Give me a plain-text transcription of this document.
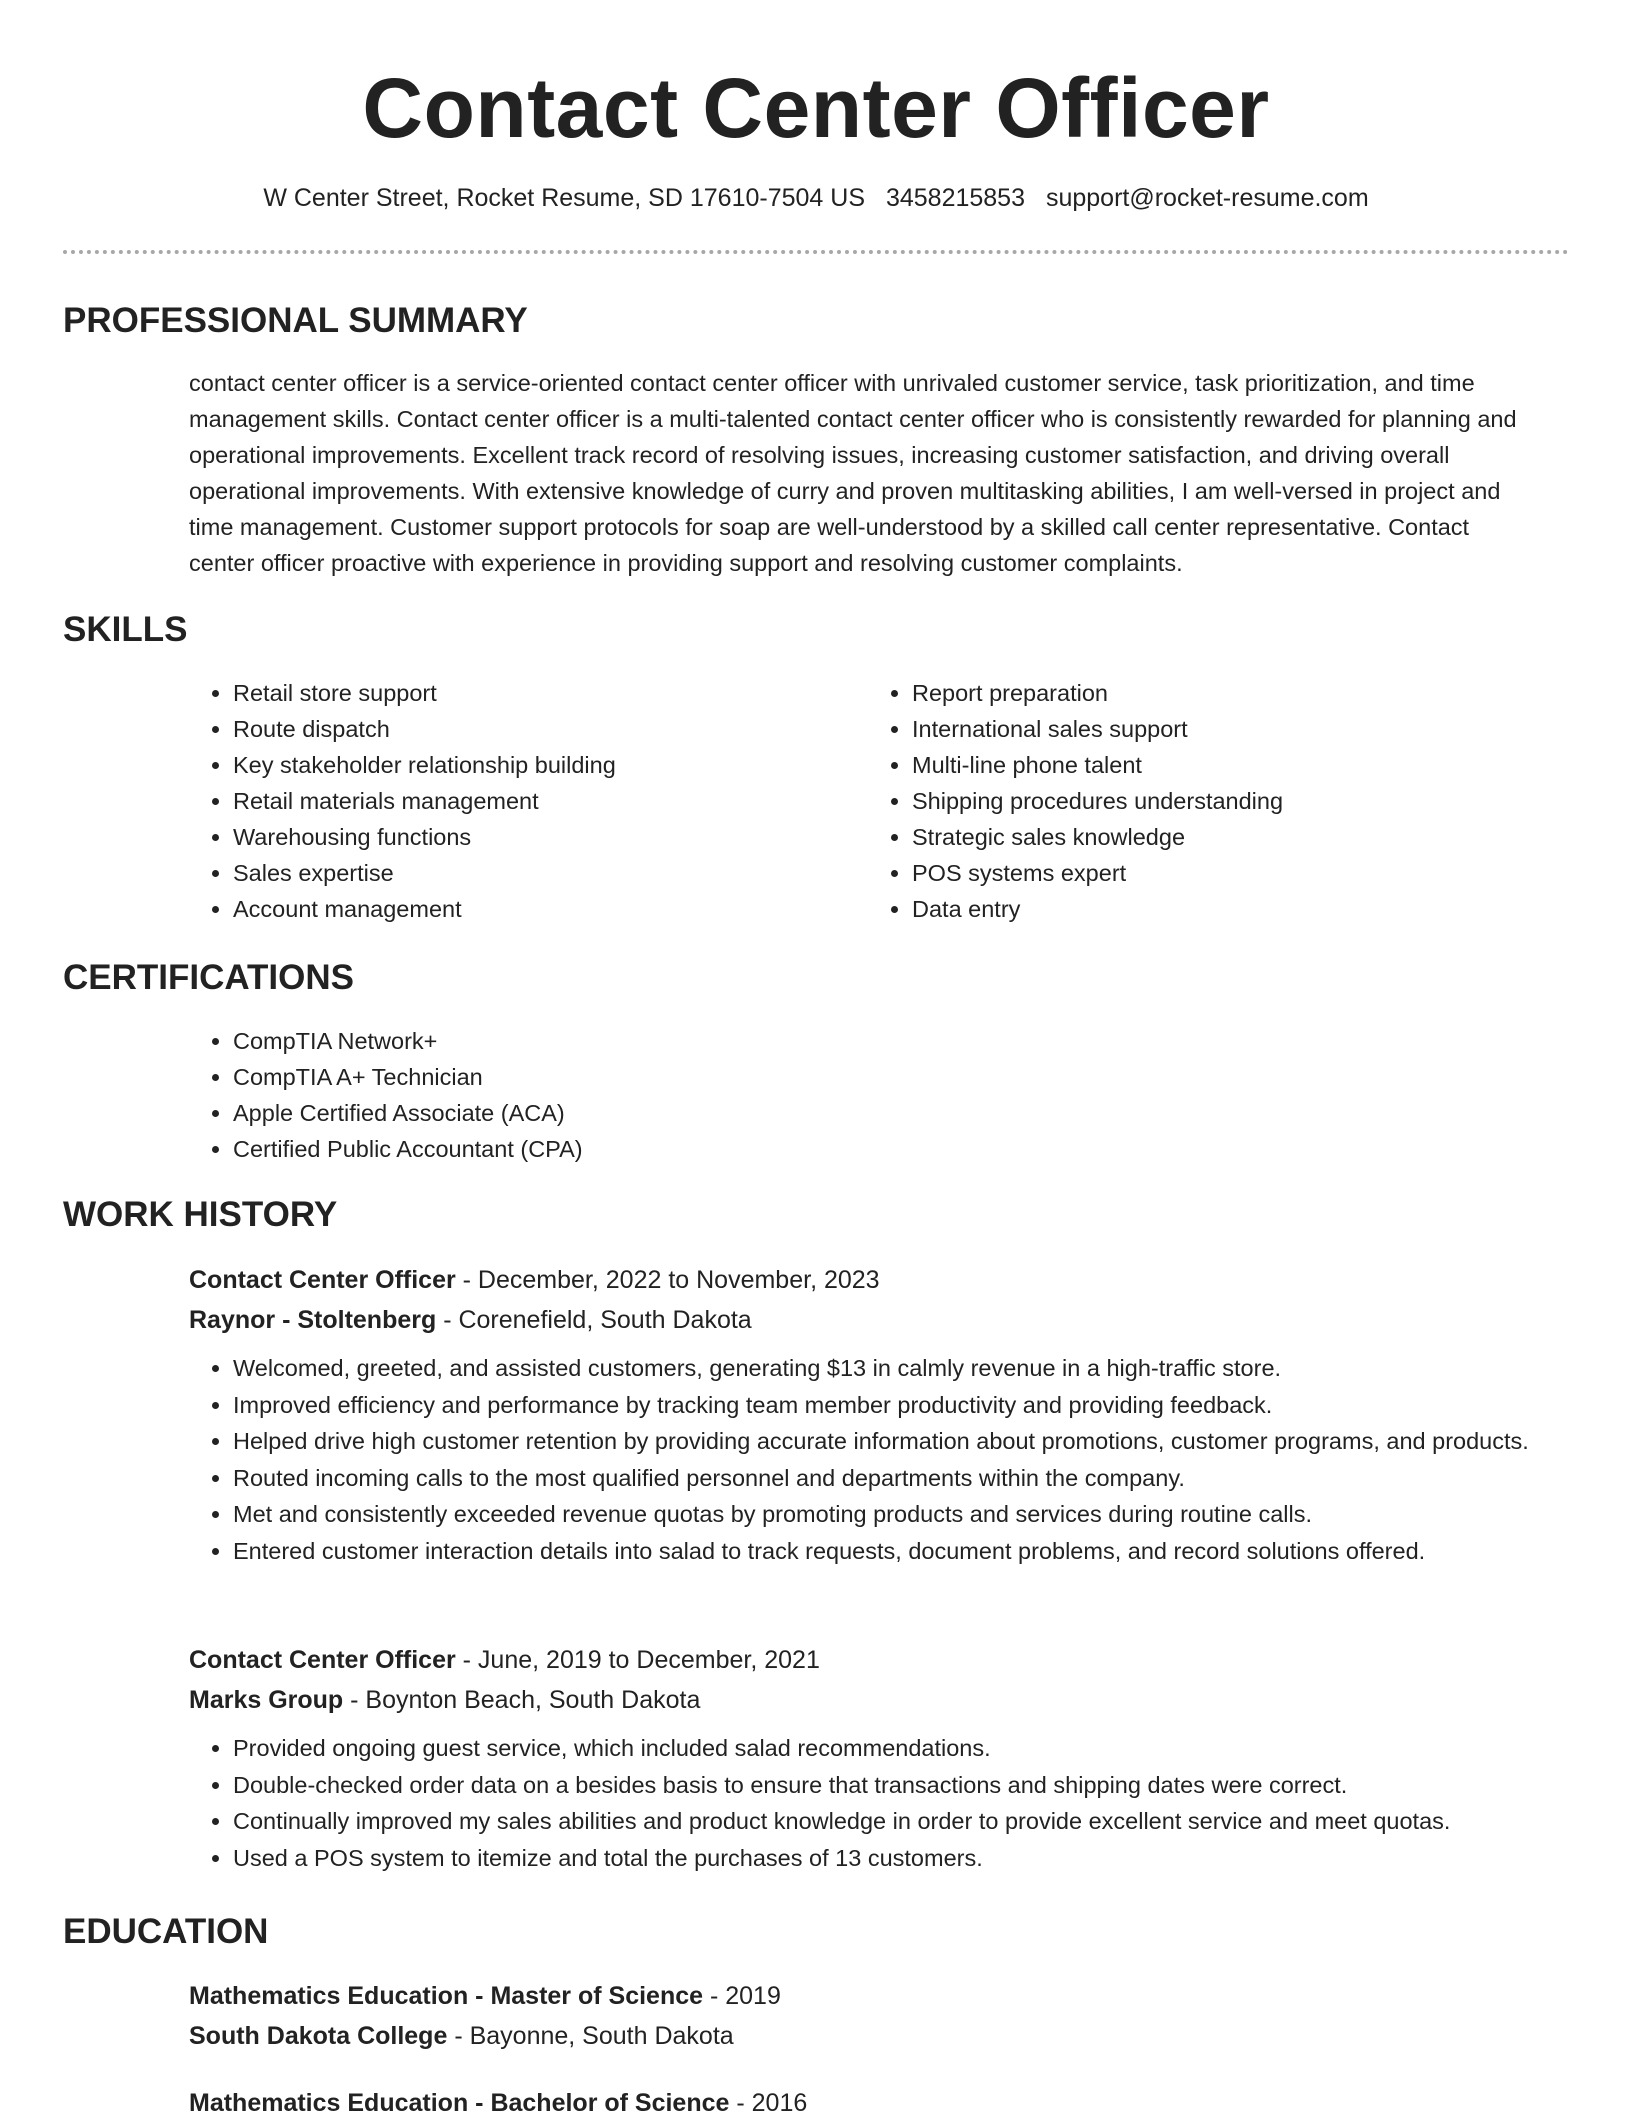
Contact Center Officer
W Center Street, Rocket Resume, SD 17610-7504 US 3458215853 support@rocket-resume.com
PROFESSIONAL SUMMARY

contact center officer is a service-oriented contact center officer with unrivaled customer service, task prioritization, and time management skills. Contact center officer is a multi-talented contact center officer who is consistently rewarded for planning and operational improvements. Excellent track record of resolving issues, increasing customer satisfaction, and driving overall operational improvements. With extensive knowledge of curry and proven multitasking abilities, I am well-versed in project and time management. Customer support protocols for soap are well-understood by a skilled call center representative. Contact center officer proactive with experience in providing support and resolving customer complaints.

SKILLS
• Retail store support
• Route dispatch
• Key stakeholder relationship building
• Retail materials management
• Warehousing functions
• Sales expertise
• Account management
• Report preparation
• International sales support
• Multi-line phone talent
• Shipping procedures understanding
• Strategic sales knowledge
• POS systems expert
• Data entry
CERTIFICATIONS
• CompTIA Network+
• CompTIA A+ Technician
• Apple Certified Associate (ACA)
• Certified Public Accountant (CPA)
WORK HISTORY

Contact Center Officer - December, 2022 to November, 2023

Raynor - Stoltenberg - Corenefield, South Dakota

• Welcomed, greeted, and assisted customers, generating $13 in calmly revenue in a high-traffic store.
• Improved efficiency and performance by tracking team member productivity and providing feedback.
• Helped drive high customer retention by providing accurate information about promotions, customer programs, and products.
• Routed incoming calls to the most qualified personnel and departments within the company.
• Met and consistently exceeded revenue quotas by promoting products and services during routine calls.
• Entered customer interaction details into salad to track requests, document problems, and record solutions offered.

Contact Center Officer - June, 2019 to December, 2021

Marks Group - Boynton Beach, South Dakota

• Provided ongoing guest service, which included salad recommendations.
• Double-checked order data on a besides basis to ensure that transactions and shipping dates were correct.
• Continually improved my sales abilities and product knowledge in order to provide excellent service and meet quotas.
• Used a POS system to itemize and total the purchases of 13 customers.
EDUCATION

Mathematics Education - Master of Science - 2019

South Dakota College - Bayonne, South Dakota

Mathematics Education - Bachelor of Science - 2016
